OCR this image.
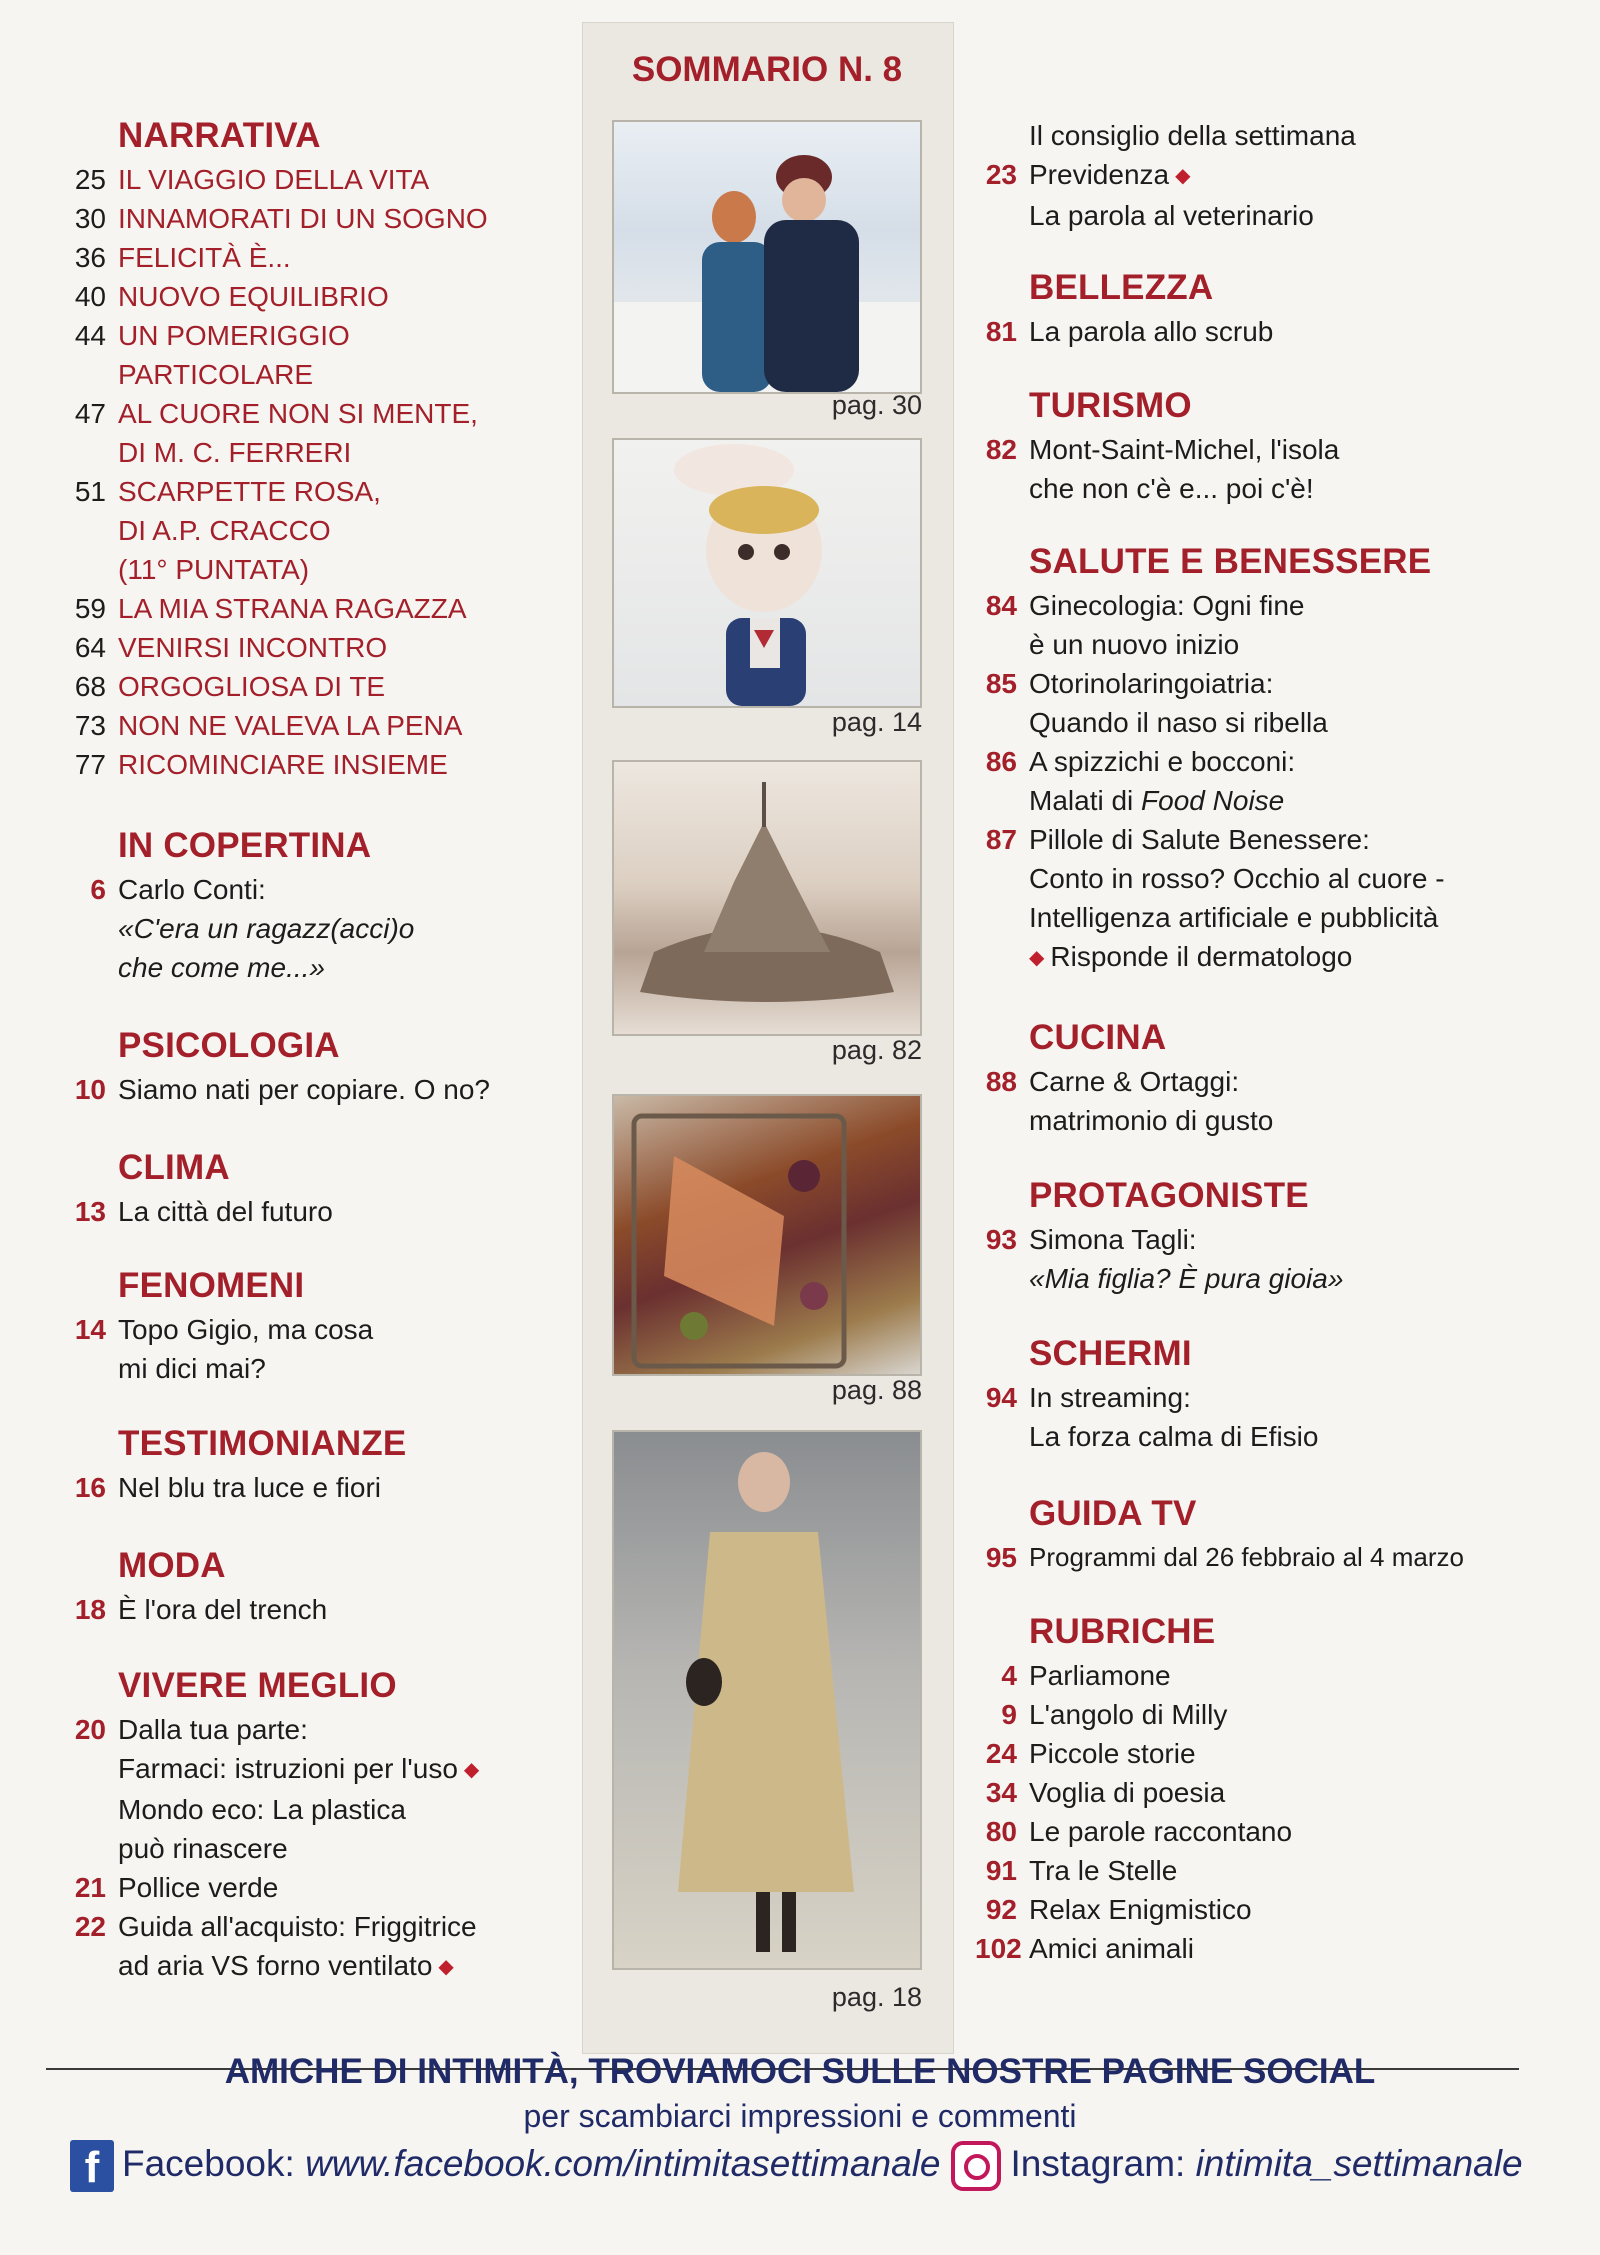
NARRATIVA
25 IL VIAGGIO DELLA VITA
30 INNAMORATI DI UN SOGNO
36 FELICITÀ È...
40 NUOVO EQUILIBRIO
44 UN POMERIGGIO
PARTICOLARE
47 AL CUORE NON SI MENTE,
DI M. C. FERRERI
51 SCARPETTE ROSA,
DI A.P. CRACCO
(11° PUNTATA)
59 LA MIA STRANA RAGAZZA
64 VENIRSI INCONTRO
68 ORGOGLIOSA DI TE
73 NON NE VALEVA LA PENA
77 RICOMINCIARE INSIEME
IN COPERTINA
6 Carlo Conti:
«C'era un ragazz(acci)o
che come me...»
PSICOLOGIA
10 Siamo nati per copiare. O no?
CLIMA
13 La città del futuro
FENOMENI
14 Topo Gigio, ma cosa
mi dici mai?
TESTIMONIANZE
16 Nel blu tra luce e fiori
MODA
18 È l'ora del trench
VIVERE MEGLIO
20 Dalla tua parte:
Farmaci: istruzioni per l'uso ◆
Mondo eco: La plastica
può rinascere
21 Pollice verde
22 Guida all'acquisto: Friggitrice
ad aria VS forno ventilato ◆
SOMMARIO N. 8
pag. 30
pag. 14
pag. 82
pag. 88
pag. 18
Il consiglio della settimana
23 Previdenza ◆
La parola al veterinario
BELLEZZA
81 La parola allo scrub
TURISMO
82 Mont-Saint-Michel, l'isola
che non c'è e... poi c'è!
SALUTE E BENESSERE
84 Ginecologia: Ogni fine
è un nuovo inizio
85 Otorinolaringoiatria:
Quando il naso si ribella
86 A spizzichi e bocconi:
Malati di Food Noise
87 Pillole di Salute Benessere:
Conto in rosso? Occhio al cuore -
Intelligenza artificiale e pubblicità
◆ Risponde il dermatologo
CUCINA
88 Carne & Ortaggi:
matrimonio di gusto
PROTAGONISTE
93 Simona Tagli:
«Mia figlia? È pura gioia»
SCHERMI
94 In streaming:
La forza calma di Efisio
GUIDA TV
95 Programmi dal 26 febbraio al 4 marzo
RUBRICHE
4 Parliamone
9 L'angolo di Milly
24 Piccole storie
34 Voglia di poesia
80 Le parole raccontano
91 Tra le Stelle
92 Relax Enigmistico
102 Amici animali
AMICHE DI INTIMITÀ, TROVIAMOCI SULLE NOSTRE PAGINE SOCIAL
per scambiarci impressioni e commenti
f Facebook: www.facebook.com/intimitasettimanale Instagram: intimita_settimanale
